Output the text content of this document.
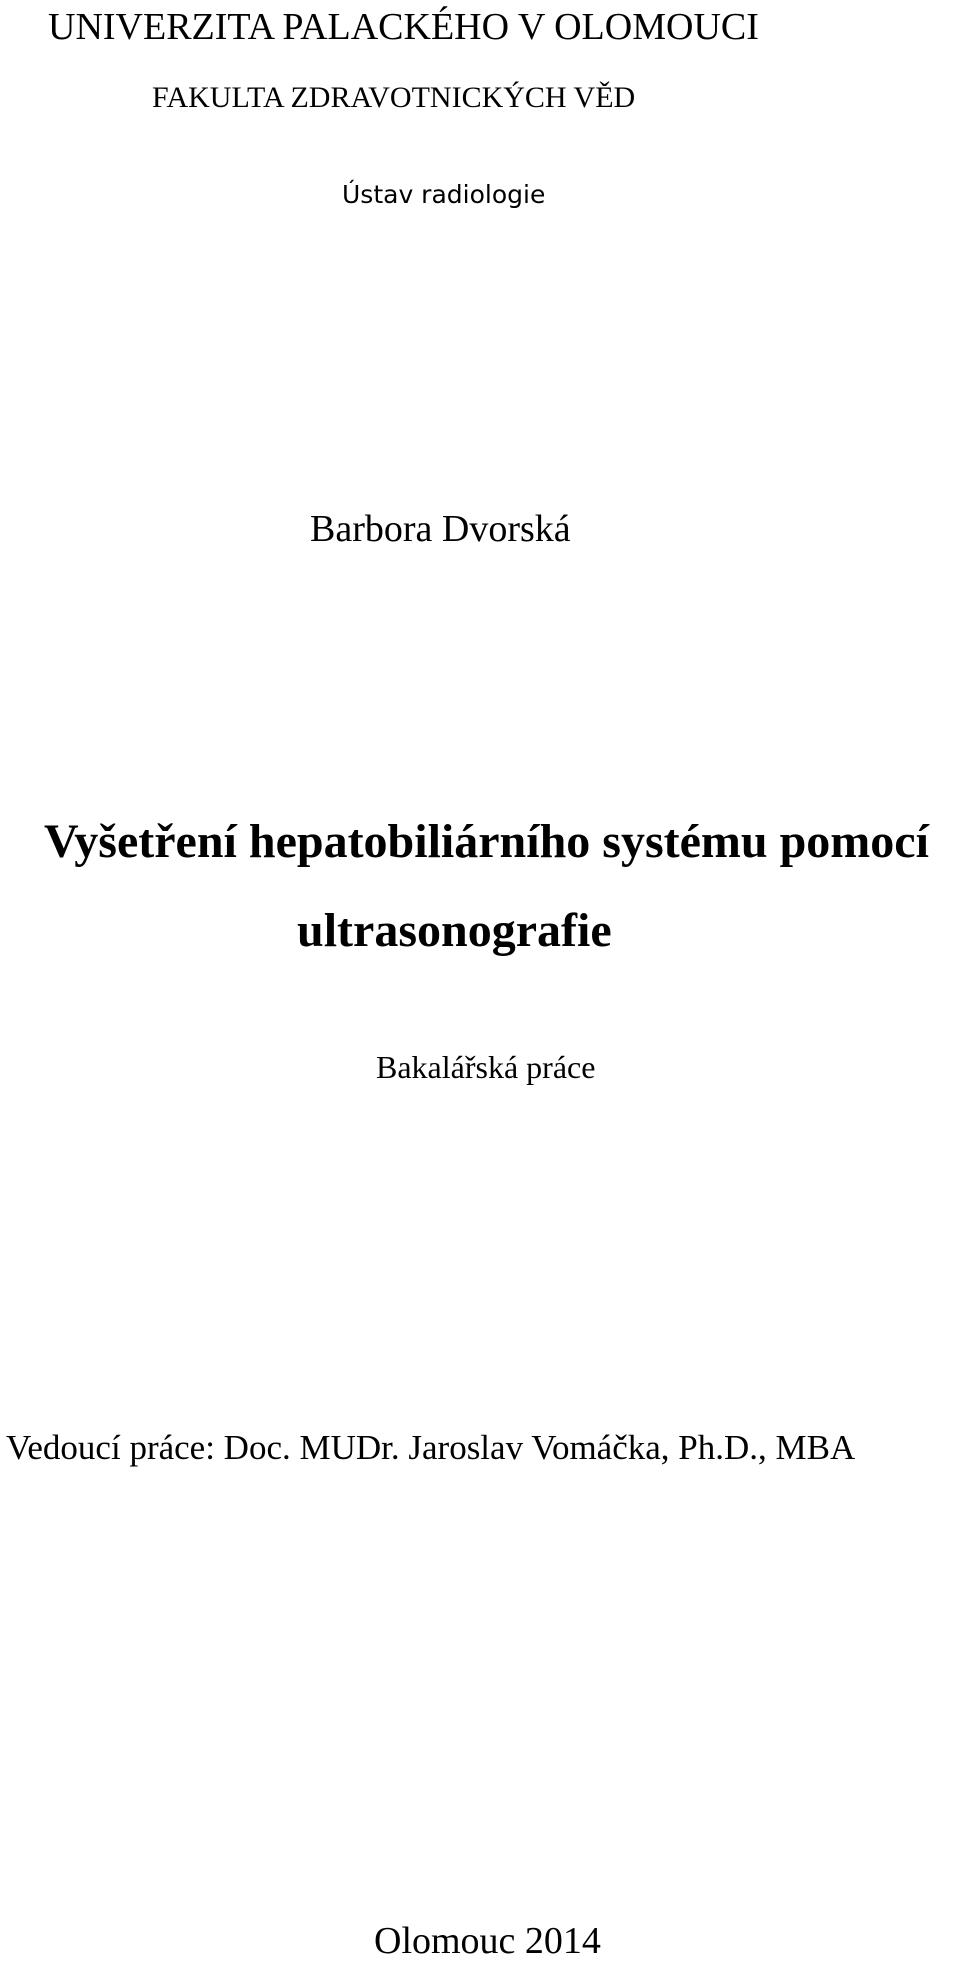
UNIVERZITA PALACKÉHO V OLOMOUCI
FAKULTA ZDRAVOTNICKÝCH VĚD
Ústav radiologie
Barbora Dvorská
Vyšetření hepatobiliárního systému pomocí
ultrasonografie
Bakalářská práce
Vedoucí práce: Doc. MUDr. Jaroslav Vomáčka, Ph.D., MBA
Olomouc 2014
